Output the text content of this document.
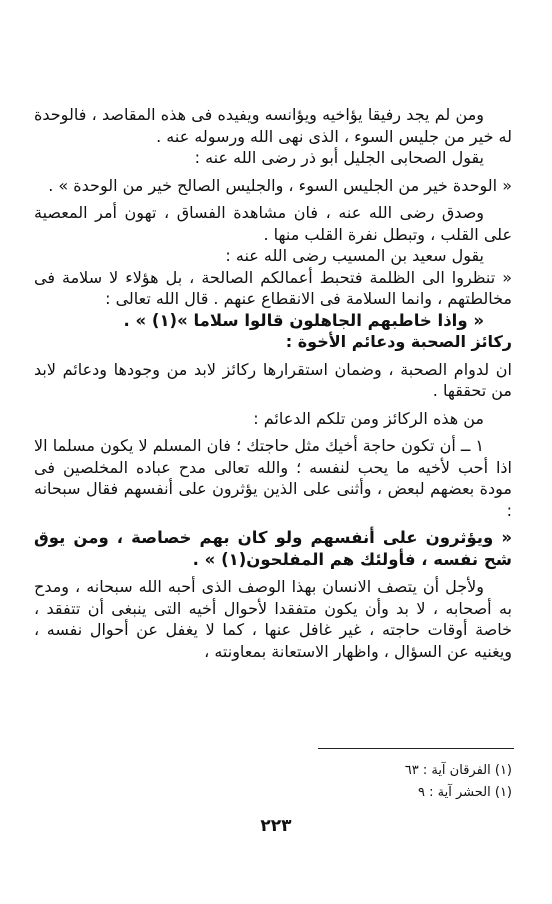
ومن لم يجد رفيقا يؤاخيه ويؤانسه ويفيده فى هذه المقاصد ، فالوحدة له خير من جليس السوء ، الذى نهى الله ورسوله عنه .

يقول الصحابى الجليل أبو ذر رضى الله عنه :

« الوحدة خير من الجليس السوء ، والجليس الصالح خير من الوحدة » .

وصدق رضى الله عنه ، فان مشاهدة الفساق ، تهون أمر المعصية على القلب ، وتبطل نفرة القلب منها .

يقول سعيد بن المسيب رضى الله عنه :

« تنظروا الى الظلمة فتحبط أعمالكم الصالحة ، بل هؤلاء لا سلامة فى مخالطتهم ، وانما السلامة فى الانقطاع عنهم . قال الله تعالى :

« واذا خاطبهم الجاهلون قالوا سلاما »(١) » .

ركائز الصحبة ودعائم الأخوة :

ان لدوام الصحبة ، وضمان استقرارها ركائز لابد من وجودها ودعائم لابد من تحققها .

من هذه الركائز ومن تلكم الدعائم :

١ ــ أن تكون حاجة أخيك مثل حاجتك ؛ فان المسلم لا يكون مسلما الا اذا أحب لأخيه ما يحب لنفسه ؛ والله تعالى مدح عباده المخلصين فى مودة بعضهم لبعض ، وأثنى على الذين يؤثرون على أنفسهم فقال سبحانه :

« ويؤثرون على أنفسهم ولو كان بهم خصاصة ، ومن يوق شح نفسه ، فأولئك هم المفلحون(١) » .

ولأجل أن يتصف الانسان بهذا الوصف الذى أحبه الله سبحانه ، ومدح به أصحابه ، لا بد وأن يكون متفقدا لأحوال أخيه التى ينبغى أن تتفقد ، خاصة أوقات حاجته ، غير غافل عنها ، كما لا يغفل عن أحوال نفسه ، ويغنيه عن السؤال ، واظهار الاستعانة بمعاونته ،

(١) الفرقان آية : ٦٣

(١) الحشر آية : ٩

٢٢٣
